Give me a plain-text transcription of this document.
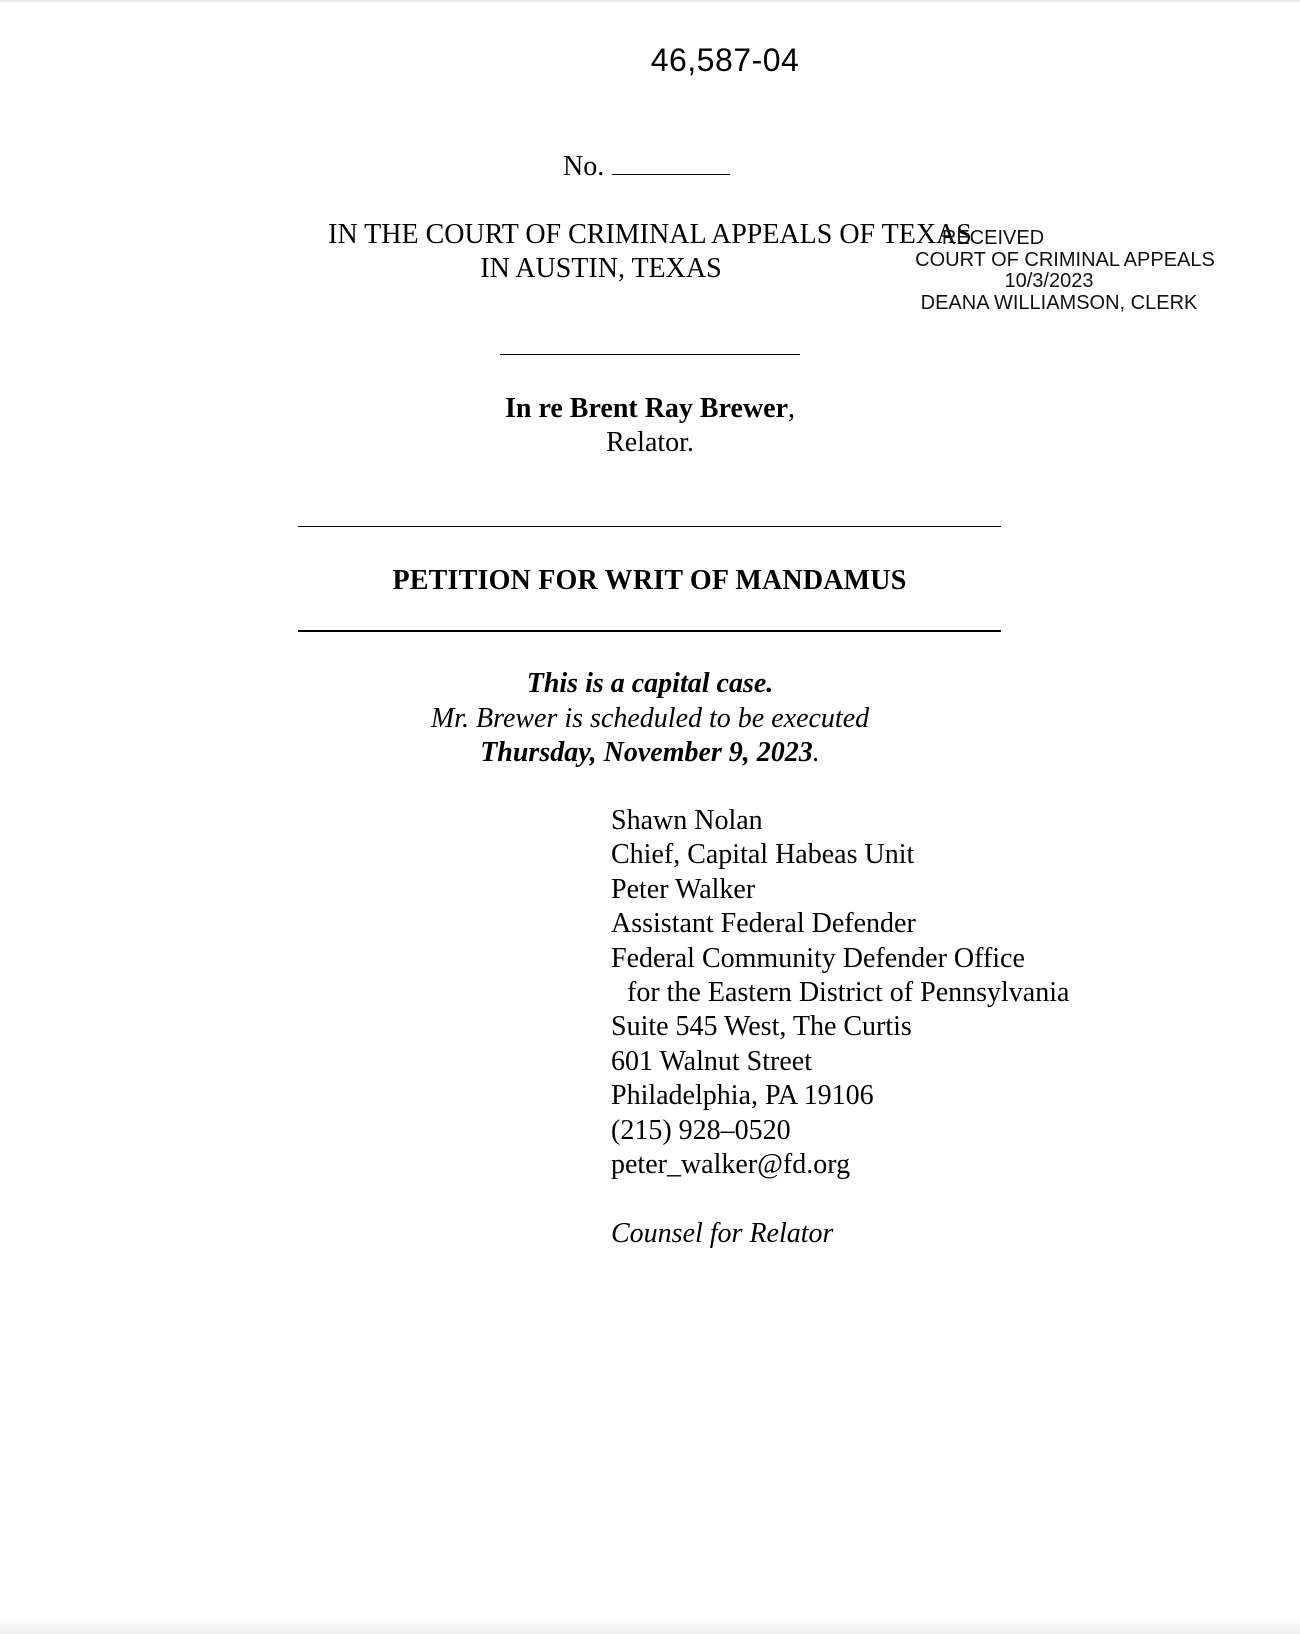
46,587-04
No.
IN THE COURT OF CRIMINAL APPEALS OF TEXAS
IN AUSTIN, TEXAS
RECEIVED
COURT OF CRIMINAL APPEALS
10/3/2023
DEANA WILLIAMSON, CLERK
In re Brent Ray Brewer,
Relator.
PETITION FOR WRIT OF MANDAMUS
This is a capital case.
Mr. Brewer is scheduled to be executed
Thursday, November 9, 2023.
Shawn Nolan
Chief, Capital Habeas Unit
Peter Walker
Assistant Federal Defender
Federal Community Defender Office
for the Eastern District of Pennsylvania
Suite 545 West, The Curtis
601 Walnut Street
Philadelphia, PA 19106
(215) 928–0520
peter_walker@fd.org
Counsel for Relator
